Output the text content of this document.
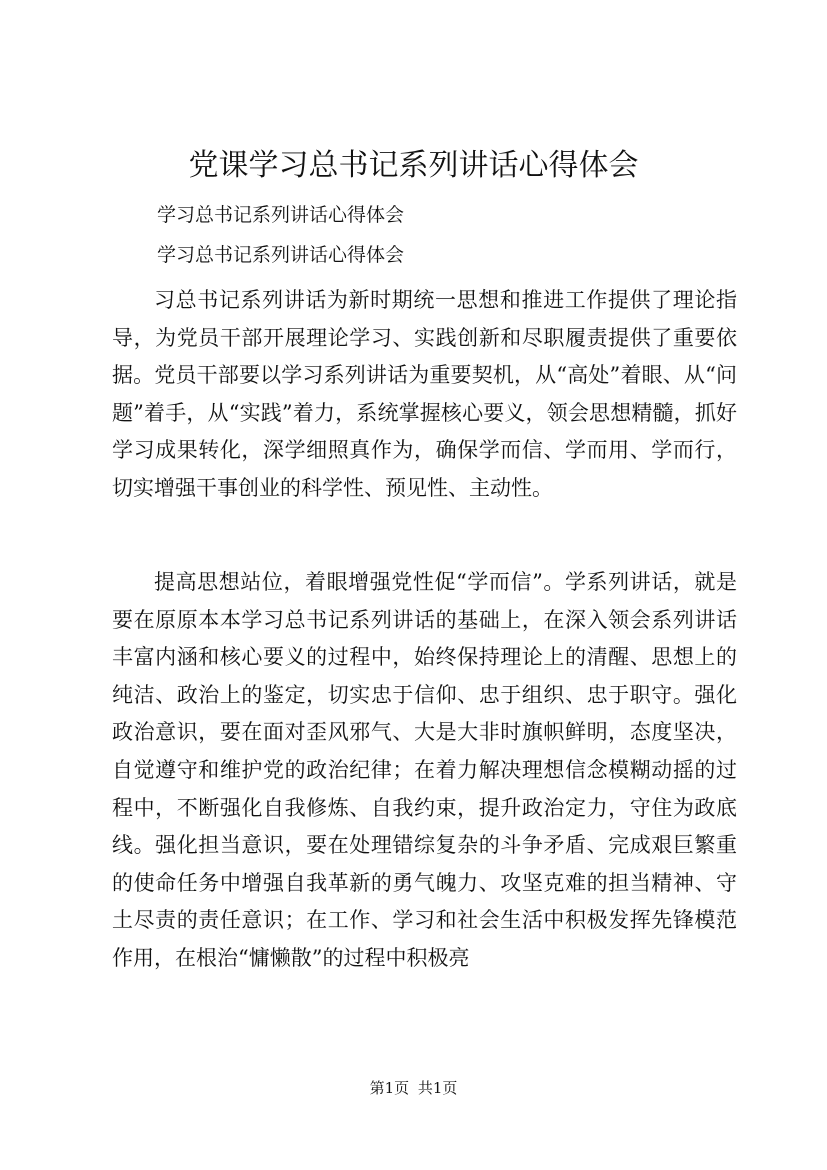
党课学习总书记系列讲话心得体会

学习总书记系列讲话心得体会

学习总书记系列讲话心得体会

习总书记系列讲话为新时期统一思想和推进工作提供了理论指导，为党员干部开展理论学习、实践创新和尽职履责提供了重要依据。党员干部要以学习系列讲话为重要契机，从“高处”着眼、从“问题”着手，从“实践”着力，系统掌握核心要义，领会思想精髓，抓好学习成果转化，深学细照真作为，确保学而信、学而用、学而行，切实增强干事创业的科学性、预见性、主动性。

提高思想站位，着眼增强党性促“学而信”。学系列讲话，就是要在原原本本学习总书记系列讲话的基础上，在深入领会系列讲话丰富内涵和核心要义的过程中，始终保持理论上的清醒、思想上的纯洁、政治上的鉴定，切实忠于信仰、忠于组织、忠于职守。强化政治意识，要在面对歪风邪气、大是大非时旗帜鲜明，态度坚决，自觉遵守和维护党的政治纪律；在着力解决理想信念模糊动摇的过程中，不断强化自我修炼、自我约束，提升政治定力，守住为政底线。强化担当意识，要在处理错综复杂的斗争矛盾、完成艰巨繁重的使命任务中增强自我革新的勇气魄力、攻坚克难的担当精神、守土尽责的责任意识；在工作、学习和社会生活中积极发挥先锋模范作用，在根治“慵懒散”的过程中积极亮

第1页 共1页
